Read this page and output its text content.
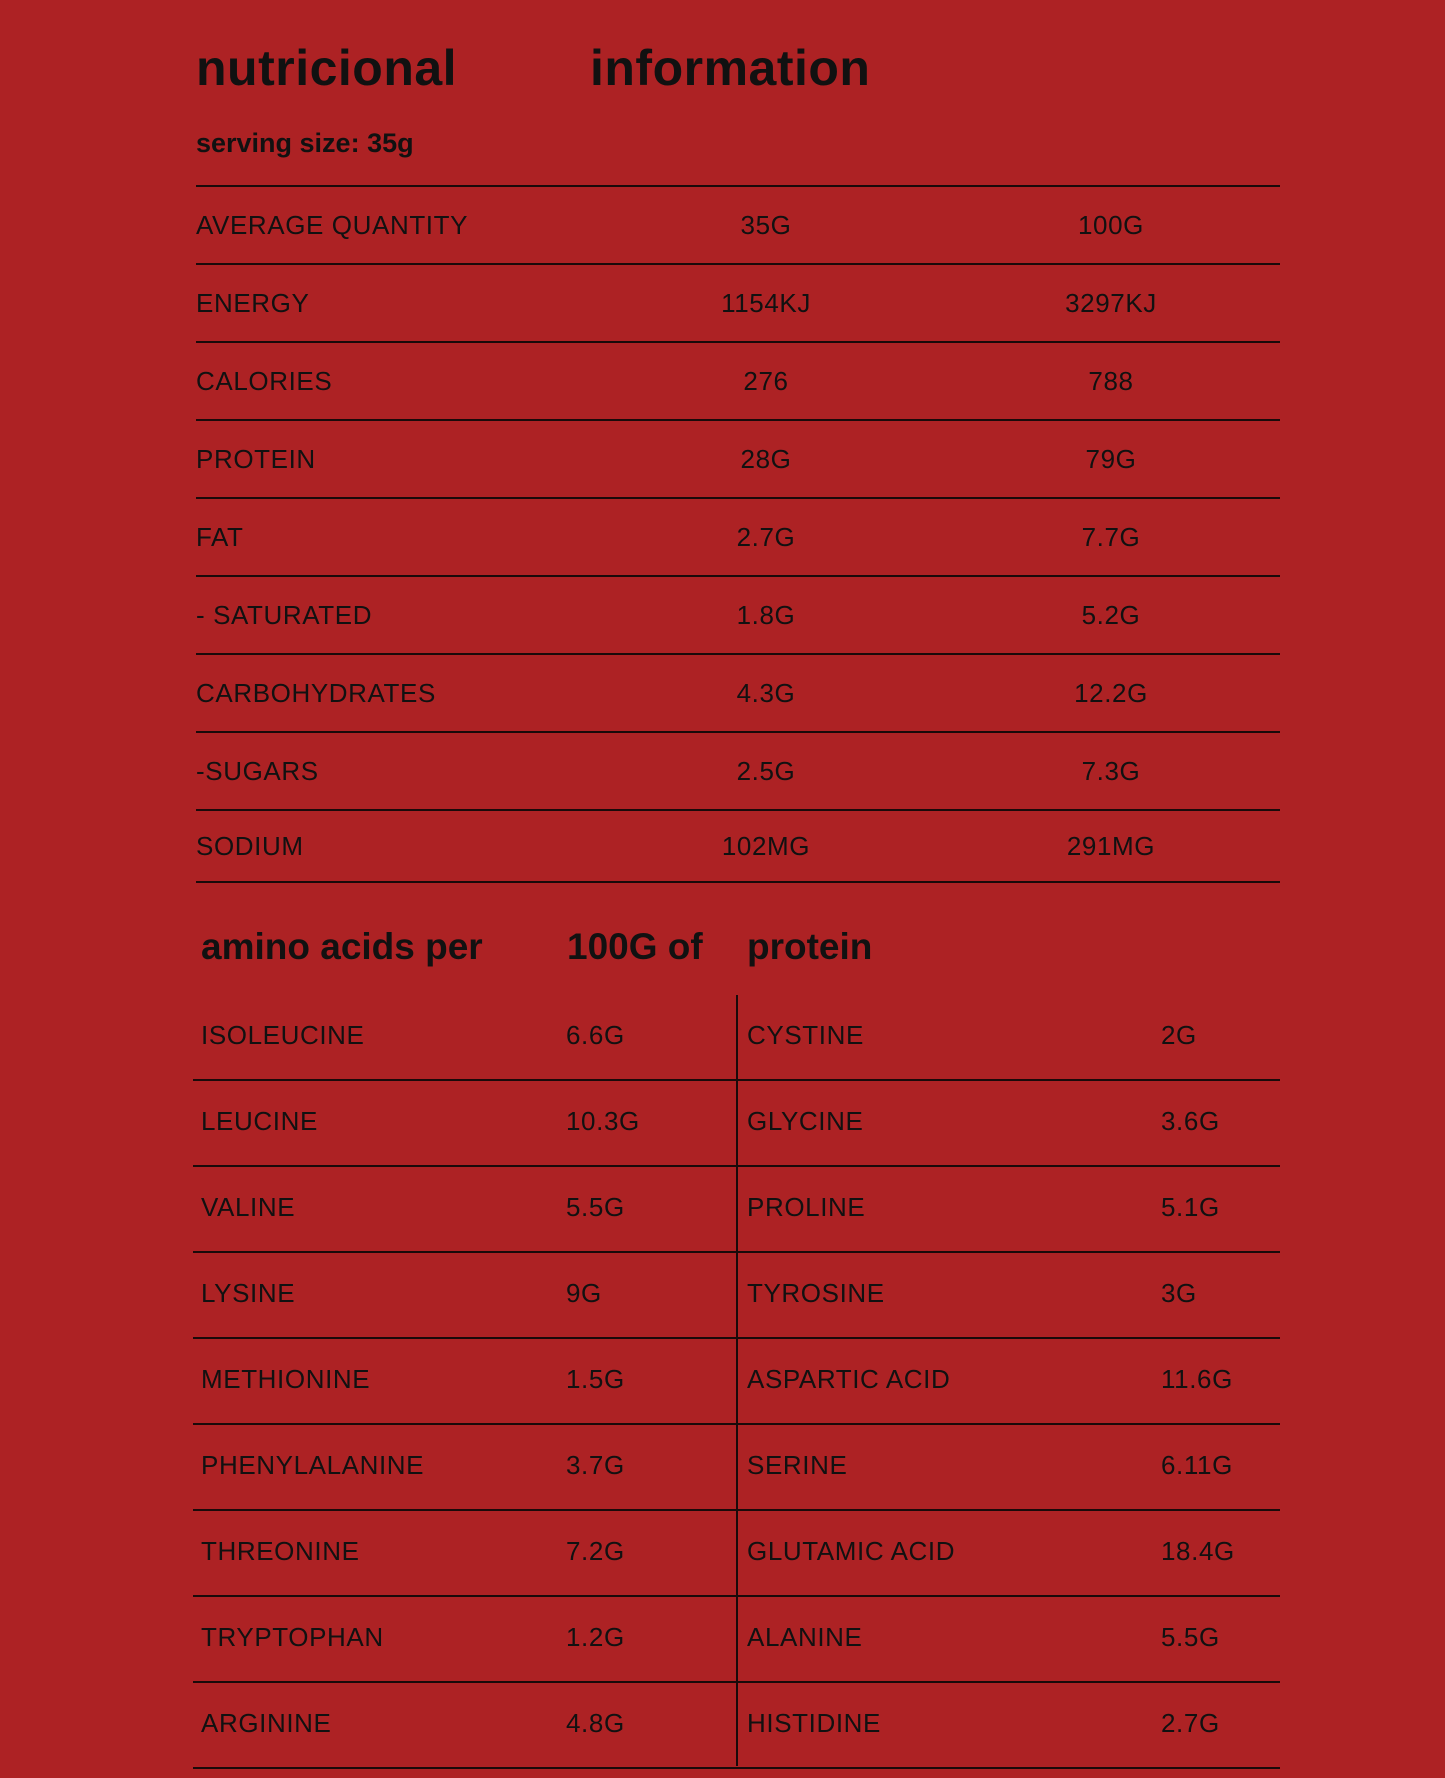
nutricional	information
serving size: 35g
AVERAGE QUANTITY	35G	100G
ENERGY	1154KJ	3297KJ
CALORIES	276	788
PROTEIN	28G	79G
FAT	2.7G	7.7G
- SATURATED	1.8G	5.2G
CARBOHYDRATES	4.3G	12.2G
-SUGARS	2.5G	7.3G
SODIUM	102MG	291MG
amino acids per 100G of protein
ISOLEUCINE	6.6G	CYSTINE	2G
LEUCINE	10.3G	GLYCINE	3.6G
VALINE	5.5G	PROLINE	5.1G
LYSINE	9G	TYROSINE	3G
METHIONINE	1.5G	ASPARTIC ACID	11.6G
PHENYLALANINE	3.7G	SERINE	6.11G
THREONINE	7.2G	GLUTAMIC ACID	18.4G
TRYPTOPHAN	1.2G	ALANINE	5.5G
ARGININE	4.8G	HISTIDINE	2.7G
